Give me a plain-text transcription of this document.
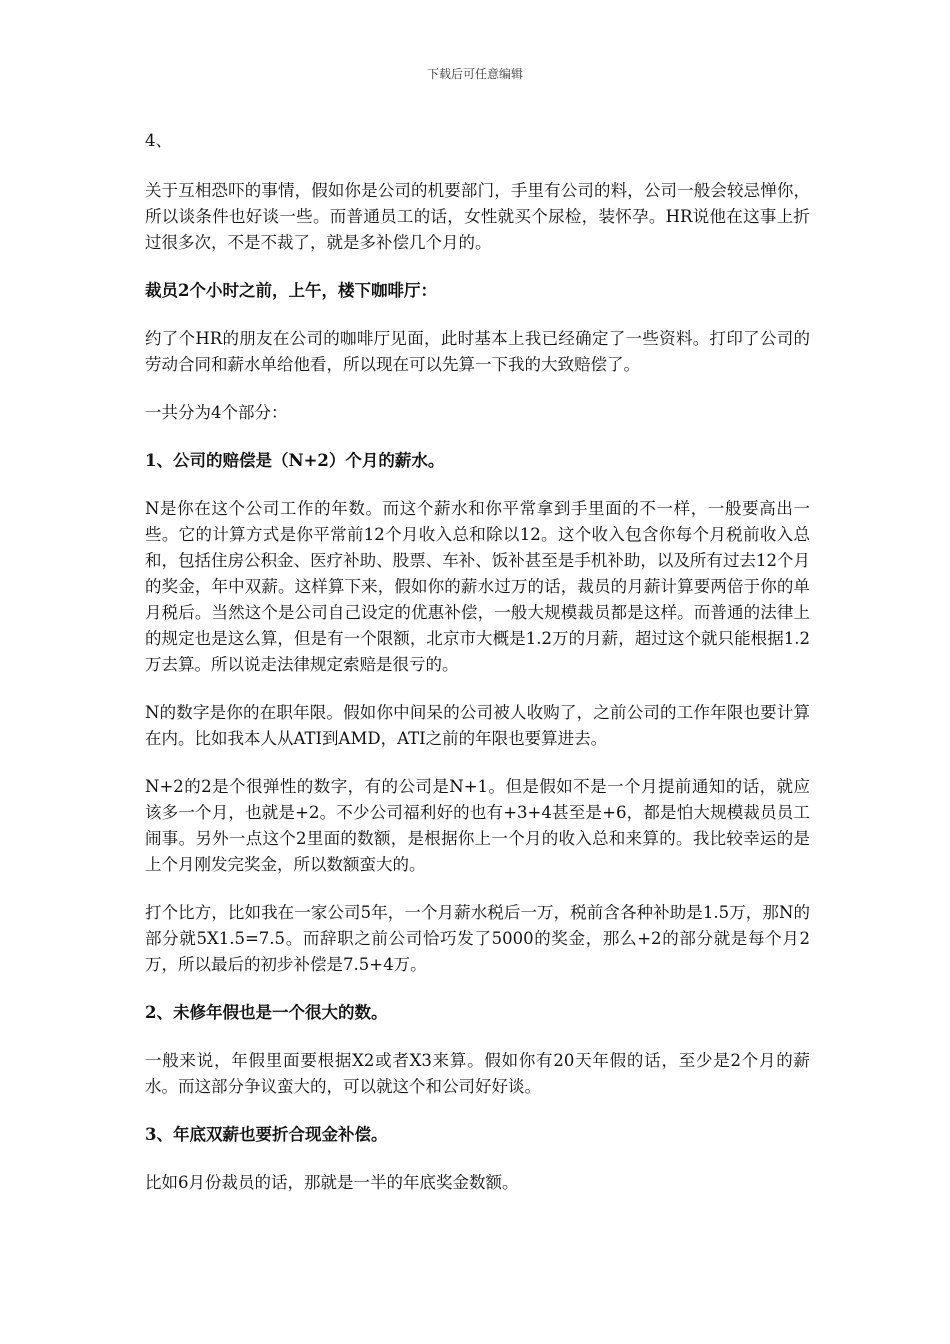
下载后可任意编辑

4、

关于互相恐吓的事情，假如你是公司的机要部门，手里有公司的料，公司一般会较忌惮你，所以谈条件也好谈一些。而普通员工的话，女性就买个尿检，装怀孕。HR说他在这事上折过很多次，不是不裁了，就是多补偿几个月的。

裁员2个小时之前，上午，楼下咖啡厅：

约了个HR的朋友在公司的咖啡厅见面，此时基本上我已经确定了一些资料。打印了公司的劳动合同和薪水单给他看，所以现在可以先算一下我的大致赔偿了。

一共分为4个部分：

1、公司的赔偿是（N+2）个月的薪水。

N是你在这个公司工作的年数。而这个薪水和你平常拿到手里面的不一样，一般要高出一些。它的计算方式是你平常前12个月收入总和除以12。这个收入包含你每个月税前收入总和，包括住房公积金、医疗补助、股票、车补、饭补甚至是手机补助，以及所有过去12个月的奖金，年中双薪。这样算下来，假如你的薪水过万的话，裁员的月薪计算要两倍于你的单月税后。当然这个是公司自己设定的优惠补偿，一般大规模裁员都是这样。而普通的法律上的规定也是这么算，但是有一个限额，北京市大概是1.2万的月薪，超过这个就只能根据1.2万去算。所以说走法律规定索赔是很亏的。

N的数字是你的在职年限。假如你中间呆的公司被人收购了，之前公司的工作年限也要计算在内。比如我本人从ATI到AMD，ATI之前的年限也要算进去。

N+2的2是个很弹性的数字，有的公司是N+1。但是假如不是一个月提前通知的话，就应该多一个月，也就是+2。不少公司福利好的也有+3+4甚至是+6，都是怕大规模裁员员工闹事。另外一点这个2里面的数额，是根据你上一个月的收入总和来算的。我比较幸运的是上个月刚发完奖金，所以数额蛮大的。

打个比方，比如我在一家公司5年，一个月薪水税后一万，税前含各种补助是1.5万，那N的部分就5X1.5=7.5。而辞职之前公司恰巧发了5000的奖金，那么+2的部分就是每个月2万，所以最后的初步补偿是7.5+4万。

2、未修年假也是一个很大的数。

一般来说，年假里面要根据X2或者X3来算。假如你有20天年假的话，至少是2个月的薪水。而这部分争议蛮大的，可以就这个和公司好好谈。

3、年底双薪也要折合现金补偿。

比如6月份裁员的话，那就是一半的年底奖金数额。
